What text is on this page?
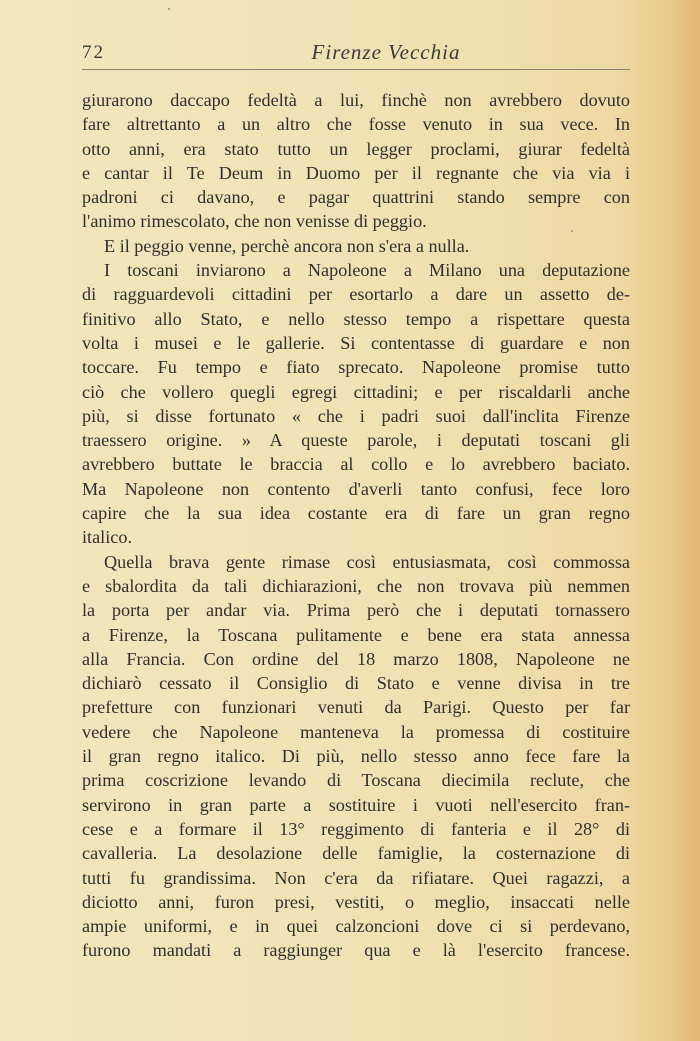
72	Firenze Vecchia
giurarono daccapo fedeltà a lui, finchè non avrebbero dovuto
fare altrettanto a un altro che fosse venuto in sua vece. In
otto anni, era stato tutto un legger proclami, giurar fedeltà
e cantar il Te Deum in Duomo per il regnante che via via i
padroni ci davano, e pagar quattrini stando sempre con
l'animo rimescolato, che non venisse di peggio.
E il peggio venne, perchè ancora non s'era a nulla.
I toscani inviarono a Napoleone a Milano una deputazione
di ragguardevoli cittadini per esortarlo a dare un assetto de-
finitivo allo Stato, e nello stesso tempo a rispettare questa
volta i musei e le gallerie. Si contentasse di guardare e non
toccare. Fu tempo e fiato sprecato. Napoleone promise tutto
ciò che vollero quegli egregi cittadini; e per riscaldarli anche
più, si disse fortunato « che i padri suoi dall'inclita Firenze
traessero origine. » A queste parole, i deputati toscani gli
avrebbero buttate le braccia al collo e lo avrebbero baciato.
Ma Napoleone non contento d'averli tanto confusi, fece loro
capire che la sua idea costante era di fare un gran regno
italico.
Quella brava gente rimase così entusiasmata, così commossa
e sbalordita da tali dichiarazioni, che non trovava più nemmen
la porta per andar via. Prima però che i deputati tornassero
a Firenze, la Toscana pulitamente e bene era stata annessa
alla Francia. Con ordine del 18 marzo 1808, Napoleone ne
dichiarò cessato il Consiglio di Stato e venne divisa in tre
prefetture con funzionari venuti da Parigi. Questo per far
vedere che Napoleone manteneva la promessa di costituire
il gran regno italico. Di più, nello stesso anno fece fare la
prima coscrizione levando di Toscana diecimila reclute, che
servirono in gran parte a sostituire i vuoti nell'esercito fran-
cese e a formare il 13° reggimento di fanteria e il 28° di
cavalleria. La desolazione delle famiglie, la costernazione di
tutti fu grandissima. Non c'era da rifiatare. Quei ragazzi, a
diciotto anni, furon presi, vestiti, o meglio, insaccati nelle
ampie uniformi, e in quei calzoncioni dove ci si perdevano,
furono mandati a raggiunger qua e là l'esercito francese.
